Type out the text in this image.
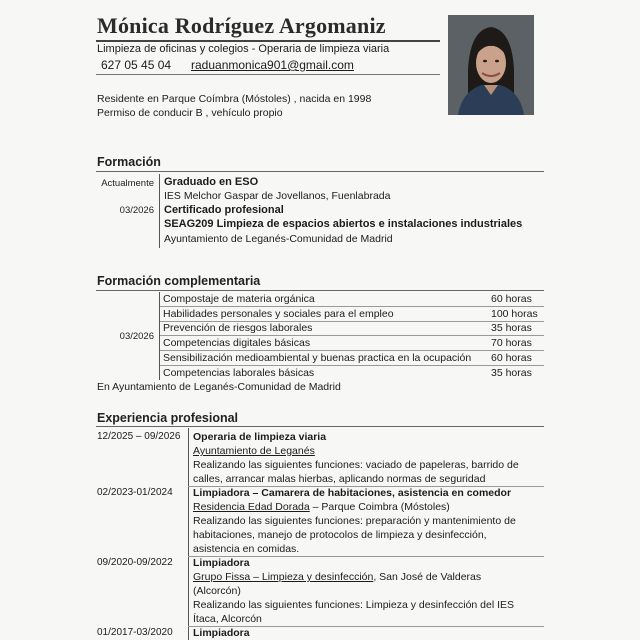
Mónica Rodríguez Argomaniz
Limpieza de oficinas y colegios - Operaria de limpieza viaria
627 05 45 04 raduanmonica901@gmail.com
Residente en Parque Coímbra (Móstoles) , nacida en 1998
Permiso de conducir B , vehículo propio
Formación
Actualmente Graduado en ESO
IES Melchor Gaspar de Jovellanos, Fuenlabrada
03/2026 Certificado profesional
SEAG209 Limpieza de espacios abiertos e instalaciones industriales
Ayuntamiento de Leganés-Comunidad de Madrid
Formación complementaria
03/2026
Compostaje de materia orgánica	60 horas
Habilidades personales y sociales para el empleo	100 horas
Prevención de riesgos laborales	35 horas
Competencias digitales básicas	70 horas
Sensibilización medioambiental y buenas practica en la ocupación 60 horas
Competencias laborales básicas	35 horas
En Ayuntamiento de Leganés-Comunidad de Madrid
Experiencia profesional
12/2025 – 09/2026 Operaria de limpieza viaria
Ayuntamiento de Leganés
Realizando las siguientes funciones: vaciado de papeleras, barrido de
calles, arrancar malas hierbas, aplicando normas de seguridad
02/2023-01/2024 Limpiadora – Camarera de habitaciones, asistencia en comedor
Residencia Edad Dorada – Parque Coimbra (Móstoles)
Realizando las siguientes funciones: preparación y mantenimiento de
habitaciones, manejo de protocolos de limpieza y desinfección,
asistencia en comidas.
09/2020-09/2022 Limpiadora
Grupo Fissa – Limpieza y desinfección, San José de Valderas
(Alcorcón)
Realizando las siguientes funciones: Limpieza y desinfección del IES
Ítaca, Alcorcón
01/2017-03/2020 Limpiadora
